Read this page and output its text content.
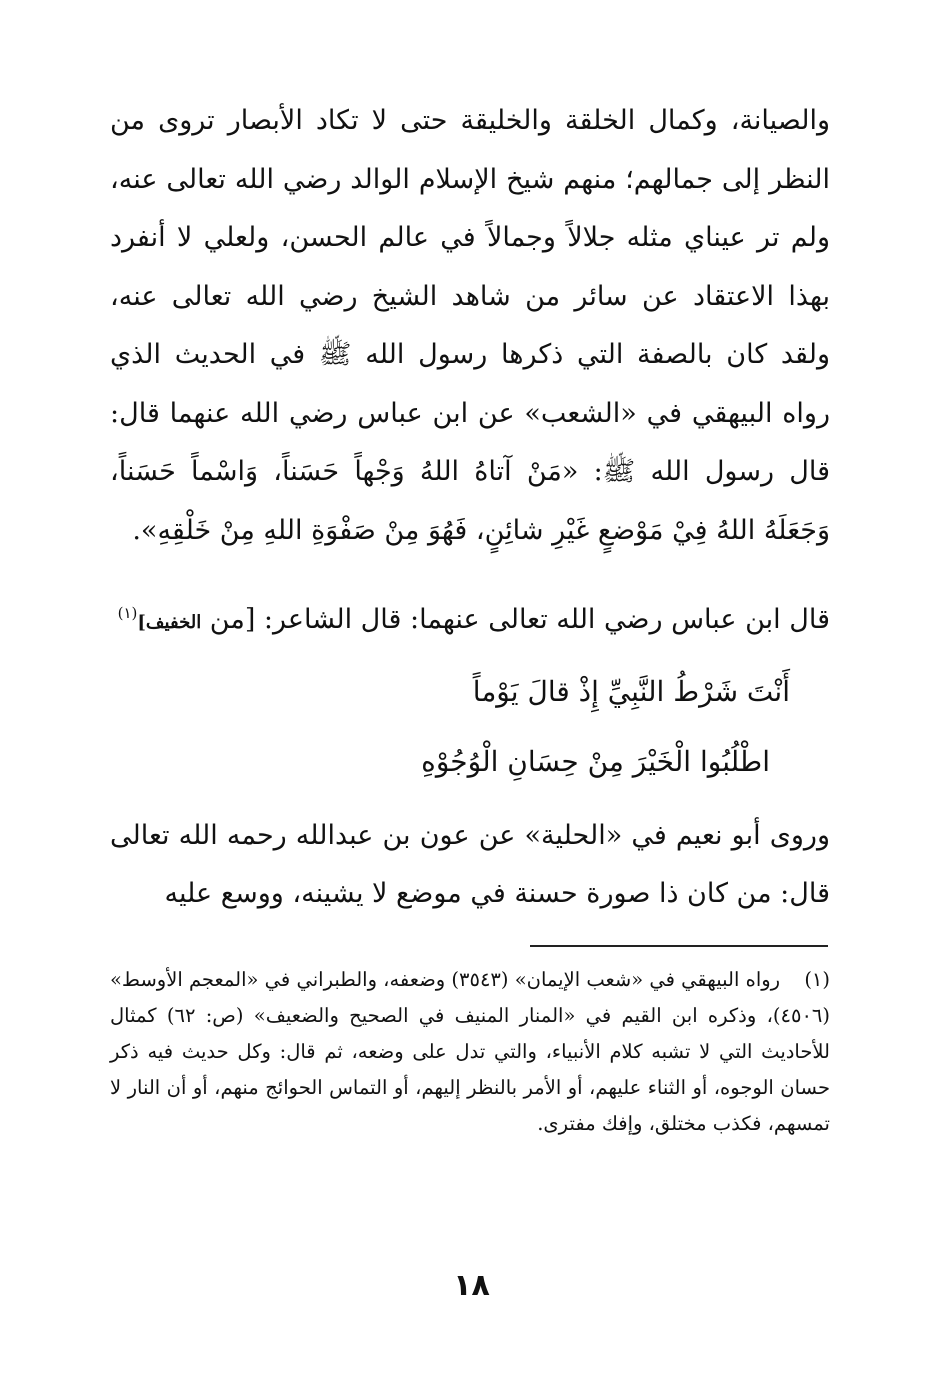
والصيانة، وكمال الخلقة والخليقة حتى لا تكاد الأبصار تروى من النظر إلى جمالهم؛ منهم شيخ الإسلام الوالد رضي الله تعالى عنه، ولم تر عيناي مثله جلالاً وجمالاً في عالم الحسن، ولعلي لا أنفرد بهذا الاعتقاد عن سائر من شاهد الشيخ رضي الله تعالى عنه، ولقد كان بالصفة التي ذكرها رسول الله ﷺ في الحديث الذي رواه البيهقي في «الشعب» عن ابن عباس رضي الله عنهما قال: قال رسول الله ﷺ: «مَنْ آتاهُ اللهُ وَجْهاً حَسَناً، وَاسْماً حَسَناً، وَجَعَلَهُ اللهُ فِيْ مَوْضعٍ غَيْرِ شائِنٍ، فَهُوَ مِنْ صَفْوَةِ اللهِ مِنْ خَلْقِهِ».

قال ابن عباس رضي الله تعالى عنهما: قال الشاعر: [من الخفيف]$^{(١)}$

أَنْتَ شَرْطُ النَّبِيِّ إِذْ قالَ يَوْماً

اطْلُبُوا الْخَيْرَ مِنْ حِسَانِ الْوُجُوْهِ

وروى أبو نعيم في «الحلية» عن عون بن عبدالله رحمه الله تعالى قال: من كان ذا صورة حسنة في موضع لا يشينه، ووسع عليه

(١) رواه البيهقي في «شعب الإيمان» (٣٥٤٣) وضعفه، والطبراني في «المعجم الأوسط» (٤٥٠٦)، وذكره ابن القيم في «المنار المنيف في الصحيح والضعيف» (ص: ٦٢) كمثال للأحاديث التي لا تشبه كلام الأنبياء، والتي تدل على وضعه، ثم قال: وكل حديث فيه ذكر حسان الوجوه، أو الثناء عليهم، أو الأمر بالنظر إليهم، أو التماس الحوائج منهم، أو أن النار لا تمسهم، فكذب مختلق، وإفك مفترى.

١٨
